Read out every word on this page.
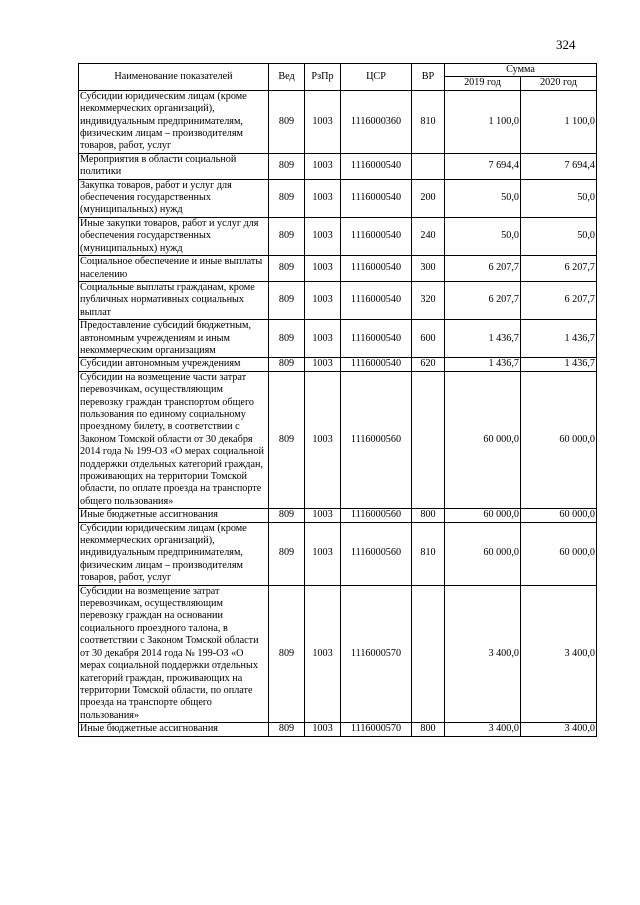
324
Наименование показателей	Вед	РзПр	ЦСР	ВР	Сумма	
					2019 год	2020 год
Субсидии юридическим лицам (кроме некоммерческих организаций), индивидуальным предпринимателям, физическим лицам – производителям товаров, работ, услуг	809	1003	1116000360	810	1 100,0	1 100,0
Мероприятия в области социальной политики	809	1003	1116000540		7 694,4	7 694,4
Закупка товаров, работ и услуг для обеспечения государственных (муниципальных) нужд	809	1003	1116000540	200	50,0	50,0
Иные закупки товаров, работ и услуг для обеспечения государственных (муниципальных) нужд	809	1003	1116000540	240	50,0	50,0
Социальное обеспечение и иные выплаты населению	809	1003	1116000540	300	6 207,7	6 207,7
Социальные выплаты гражданам, кроме публичных нормативных социальных выплат	809	1003	1116000540	320	6 207,7	6 207,7
Предоставление субсидий бюджетным, автономным учреждениям и иным некоммерческим организациям	809	1003	1116000540	600	1 436,7	1 436,7
Субсидии автономным учреждениям	809	1003	1116000540	620	1 436,7	1 436,7
Субсидии на возмещение части затрат перевозчикам, осуществляющим перевозку граждан транспортом общего пользования по единому социальному проездному билету, в соответствии с Законом Томской области от 30 декабря 2014 года № 199-ОЗ «О мерах социальной поддержки отдельных категорий граждан, проживающих на территории Томской области, по оплате проезда на транспорте общего пользования»	809	1003	1116000560		60 000,0	60 000,0
Иные бюджетные ассигнования	809	1003	1116000560	800	60 000,0	60 000,0
Субсидии юридическим лицам (кроме некоммерческих организаций), индивидуальным предпринимателям, физическим лицам – производителям товаров, работ, услуг	809	1003	1116000560	810	60 000,0	60 000,0
Субсидии на возмещение затрат перевозчикам, осуществляющим перевозку граждан на основании социального проездного талона, в соответствии с Законом Томской области от 30 декабря 2014 года № 199-ОЗ «О мерах социальной поддержки отдельных категорий граждан, проживающих на территории Томской области, по оплате проезда на транспорте общего пользования»	809	1003	1116000570		3 400,0	3 400,0
Иные бюджетные ассигнования	809	1003	1116000570	800	3 400,0	3 400,0
